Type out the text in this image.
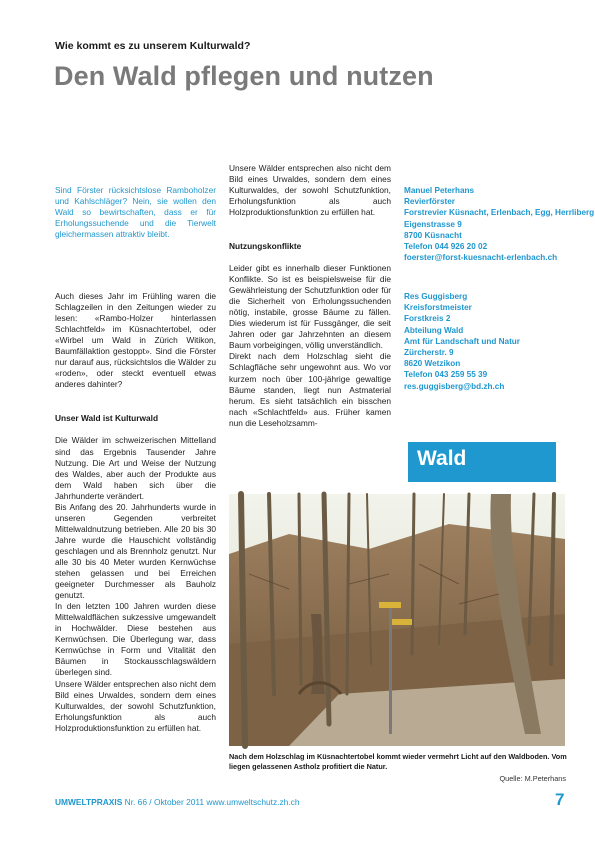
Wie kommt es zu unserem Kulturwald?
Den Wald pflegen und nutzen

Sind Förster rücksichtslose Ramboholzer und Kahlschläger? Nein, sie wollen den Wald so bewirtschaften, dass er für Erholungssuchende und die Tierwelt gleichermassen attraktiv bleibt.

Auch dieses Jahr im Frühling waren die Schlagzeilen in den Zeitungen wieder zu lesen: «Rambo-Holzer hinterlassen Schlachtfeld» im Küsnachtertobel, oder «Wirbel um Wald in Zürich Witikon, Baumfällaktion gestoppt». Sind die Förster nur darauf aus, rücksichtslos die Wälder zu «roden», oder steckt eventuell etwas anderes dahinter?

Unser Wald ist Kulturwald

Die Wälder im schweizerischen Mittelland sind das Ergebnis Tausender Jahre Nutzung. Die Art und Weise der Nutzung des Waldes, aber auch der Produkte aus dem Wald haben sich über die Jahrhunderte verändert.

Bis Anfang des 20. Jahrhunderts wurde in unseren Gegenden verbreitet Mittelwaldnutzung betrieben. Alle 20 bis 30 Jahre wurde die Hauschicht vollständig geschlagen und als Brennholz genutzt. Nur alle 30 bis 40 Meter wurden Kernwüchse stehen gelassen und bei Erreichen geeigneter Durchmesser als Bauholz genutzt.

In den letzten 100 Jahren wurden diese Mittelwaldflächen sukzessive umgewandelt in Hochwälder. Diese bestehen aus Kernwüchsen. Die Überlegung war, dass Kernwüchse in Form und Vitalität den Bäumen in Stockausschlagswäldern überlegen sind.

Unsere Wälder entsprechen also nicht dem Bild eines Urwaldes, sondern dem eines Kulturwaldes, der sowohl Schutzfunktion, Erholungsfunktion als auch Holzproduktionsfunktion zu erfüllen hat.

Unsere Wälder entsprechen also nicht dem Bild eines Urwaldes, sondern dem eines Kulturwaldes, der sowohl Schutzfunktion, Erholungsfunktion als auch Holzproduktionsfunktion zu erfüllen hat.

Nutzungskonflikte

Leider gibt es innerhalb dieser Funktionen Konflikte. So ist es beispielsweise für die Gewährleistung der Schutzfunktion oder für die Sicherheit von Erholungssuchenden nötig, instabile, grosse Bäume zu fällen. Dies wiederum ist für Fussgänger, die seit Jahren oder gar Jahrzehnten an diesem Baum vorbeigingen, völlig unverständlich.

Direkt nach dem Holzschlag sieht die Schlagfläche sehr ungewohnt aus. Wo vor kurzem noch über 100-jährige gewaltige Bäume standen, liegt nun Astmaterial herum. Es sieht tatsächlich ein bisschen nach «Schlachtfeld» aus. Früher kamen nun die Leseholzsamm-

Manuel Peterhans
Revierförster
Forstrevier Küsnacht, Erlenbach, Egg, Herrliberg
Eigenstrasse 9
8700 Küsnacht
Telefon 044 926 20 02
foerster@forst-kuesnacht-erlenbach.ch
Res Guggisberg
Kreisforstmeister
Forstkreis 2
Abteilung Wald
Amt für Landschaft und Natur
Zürcherstr. 9
8620 Wetzikon
Telefon 043 259 55 39
res.guggisberg@bd.zh.ch
Wald
Nach dem Holzschlag im Küsnachtertobel kommt wieder vermehrt Licht auf den Waldboden. Vom liegen gelassenen Astholz profitiert die Natur.
Quelle: M.Peterhans
UMWELTPRAXIS Nr. 66 / Oktober 2011 www.umweltschutz.zh.ch	7
